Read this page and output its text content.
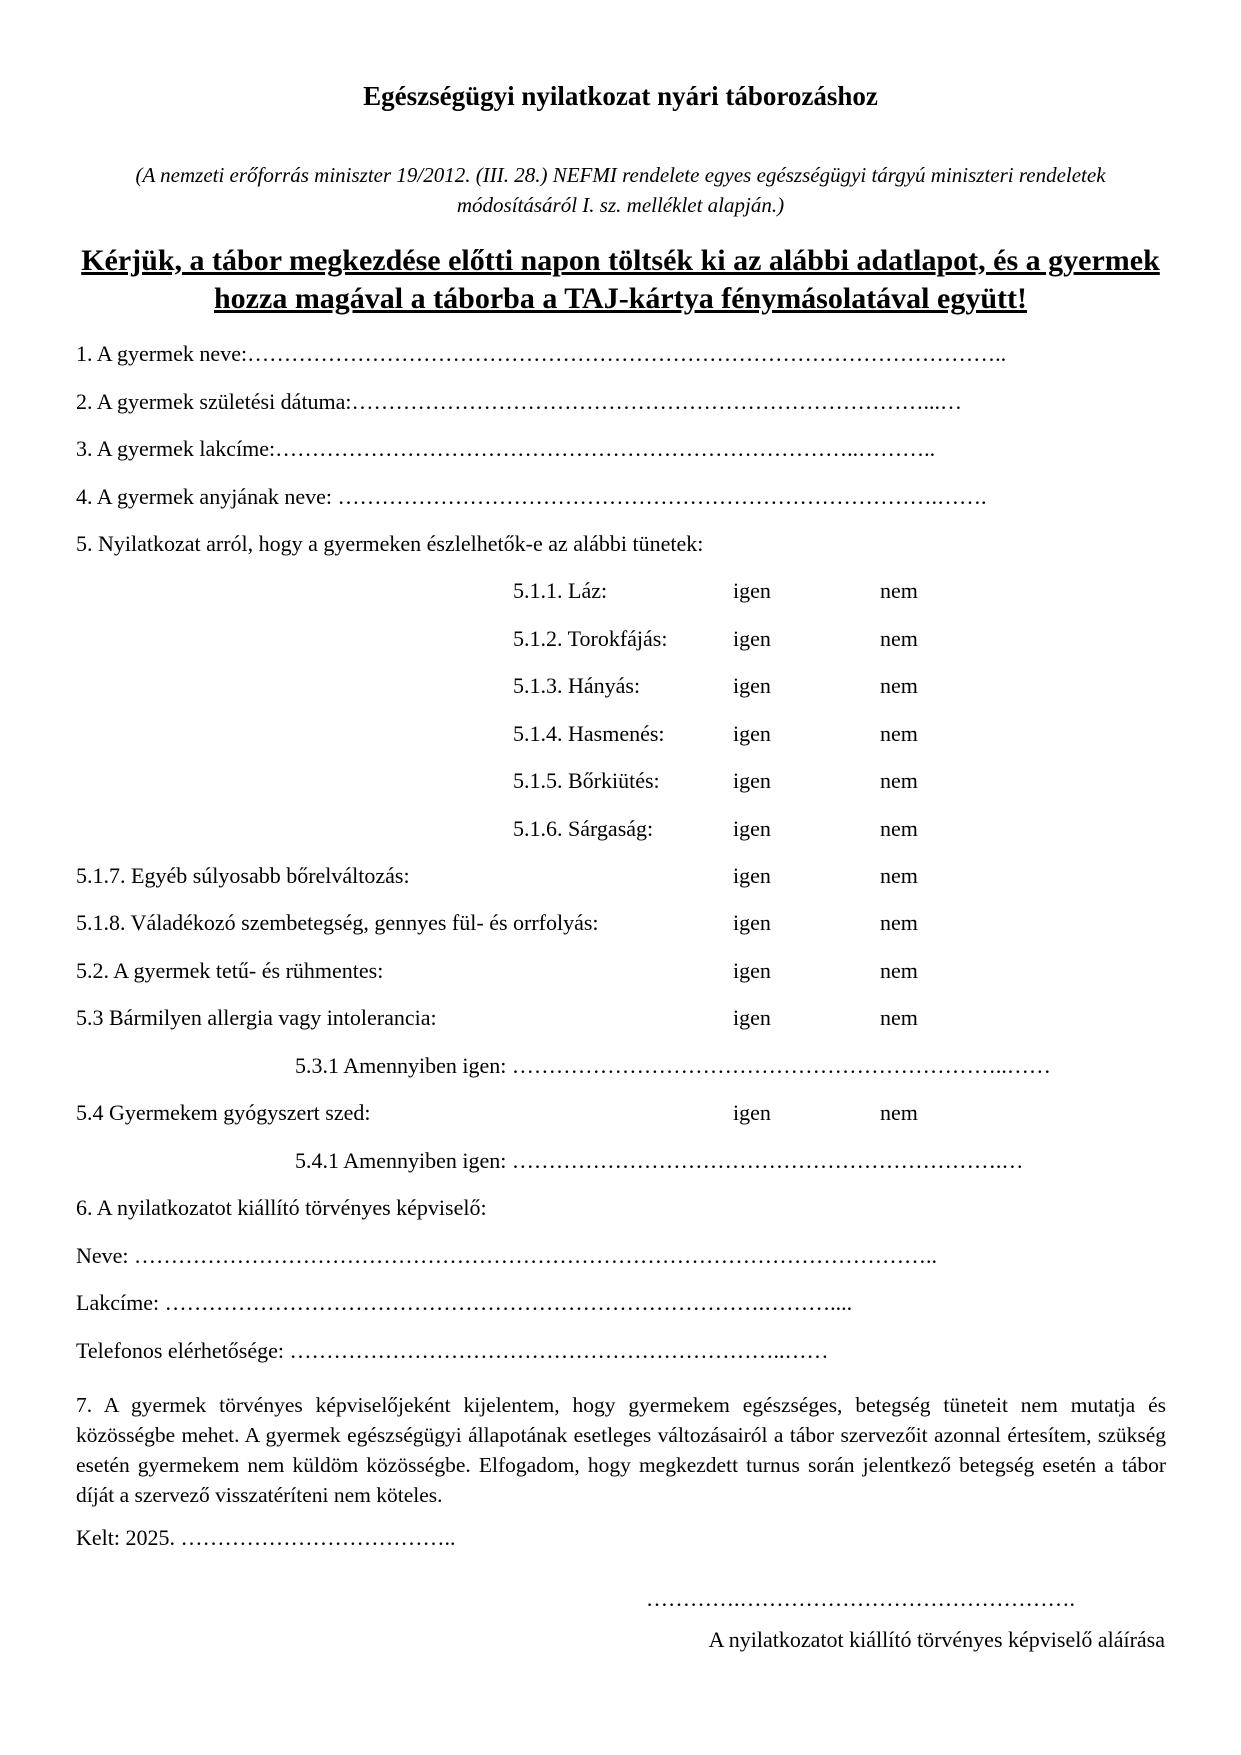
Egészségügyi nyilatkozat nyári táborozáshoz
(A nemzeti erőforrás miniszter 19/2012. (III. 28.) NEFMI rendelete egyes egészségügyi tárgyú miniszteri rendeletek módosításáról I. sz. melléklet alapján.)
Kérjük, a tábor megkezdése előtti napon töltsék ki az alábbi adatlapot, és a gyermek hozza magával a táborba a TAJ-kártya fénymásolatával együtt!
1. A gyermek neve:…………………………………………………………………………………………..
2. A gyermek születési dátuma:……………………………………………………………………...…
3. A gyermek lakcíme:……………………………………………………………………..………..
4. A gyermek anyjának neve: ……………………………………………………………………….…….
5. Nyilatkozat arról, hogy a gyermeken észlelhetők-e az alábbi tünetek:
5.1.1. Láz:	igen	nem
5.1.2. Torokfájás:	igen	nem
5.1.3. Hányás:	igen	nem
5.1.4. Hasmenés:	igen	nem
5.1.5. Bőrkiütés:	igen	nem
5.1.6. Sárgaság:	igen	nem
5.1.7. Egyéb súlyosabb bőrelváltozás:	igen	nem
5.1.8. Váladékozó szembetegség, gennyes fül- és orrfolyás:	igen	nem
5.2. A gyermek tetű- és rühmentes:	igen	nem
5.3 Bármilyen allergia vagy intolerancia:	igen	nem
5.3.1 Amennyiben igen: …………………………………………………………..……
5.4 Gyermekem gyógyszert szed:	igen	nem
5.4.1 Amennyiben igen: ………………………………………………………….…
6. A nyilatkozatot kiállító törvényes képviselő:
Neve: ………………………………………………………………………………………………..
Lakcíme: ……………………………………………………………………….………....
Telefonos elérhetősége: …………………………………………………………..……
7. A gyermek törvényes képviselőjeként kijelentem, hogy gyermekem egészséges, betegség tüneteit nem mutatja és közösségbe mehet. A gyermek egészségügyi állapotának esetleges változásairól a tábor szervezőit azonnal értesítem, szükség esetén gyermekem nem küldöm közösségbe. Elfogadom, hogy megkezdett turnus során jelentkező betegség esetén a tábor díját a szervező visszatéríteni nem köteles.
Kelt: 2025. ………………………………..
………….……………………………………….
A nyilatkozatot kiállító törvényes képviselő aláírása
